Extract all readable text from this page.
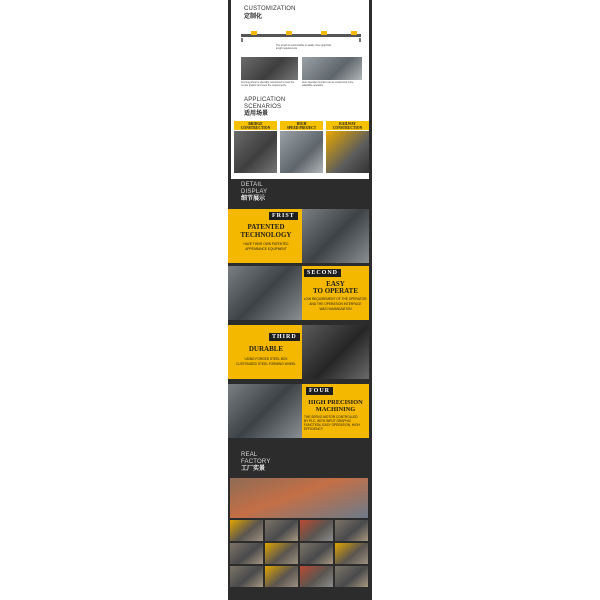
CUSTOMIZATION
定制化
The length is customizable to satisfy more graphical length requirements
Forming wheel is specially customized to meet the on-site graphic and meet the requirements
Auto operation function can be customized more adaptable operation
APPLICATION
SCENARIOS
适用场景
BRIDGE
CONSTRUCTION
HIGH
SPEED PROJECT
RAILWAY
CONSTRUCTION
DETAIL
DISPLAY
细节展示
REAL
FACTORY
工厂实景
FRIST
PATENTED
TECHNOLOGY
HAVE THEIR OWN PATENTED
APPEARANCE EQUIPMENT
SECOND
EASY
TO OPERATE
LOW REQUIREMENT OF THE OPERATOR,
AND THE OPERATION INTERFACE
WAS HUMANIZATION
THIRD
DURABLE
USING FORGED STEEL BOX
CUSTOMIZED STEEL FORMING WHEEL
FOUR
HIGH PRECISION
MACHINING
THE SERVO MOTOR CONTROLLED
BY PLC, WITH INPUT GRAPHIC
FUNCTION, EASY OPERATION, HIGH EFFICIENCY
